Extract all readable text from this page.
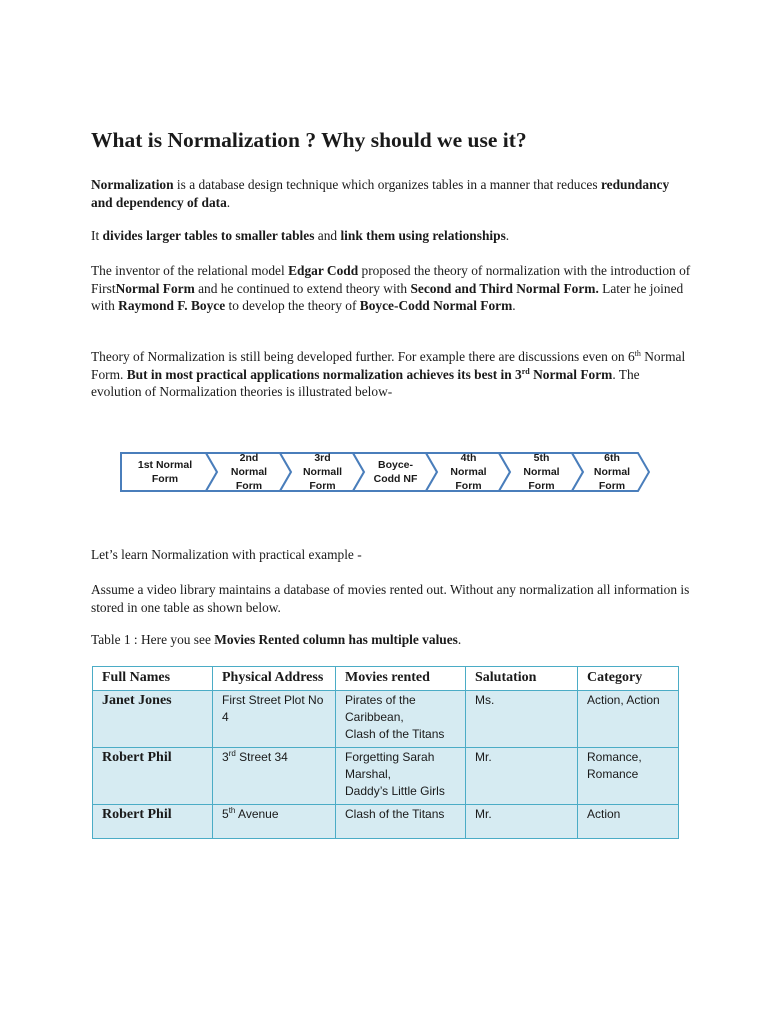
What is Normalization ? Why should we use it?

Normalization is a database design technique which organizes tables in a manner that reduces redundancy and dependency of data.

It divides larger tables to smaller tables and link them using relationships.

The inventor of the relational model Edgar Codd proposed the theory of normalization with the introduction of FirstNormal Form and he continued to extend theory with Second and Third Normal Form. Later he joined with Raymond F. Boyce to develop the theory of Boyce-Codd Normal Form.

Theory of Normalization is still being developed further. For example there are discussions even on 6th Normal Form. But in most practical applications normalization achieves its best in 3rd Normal Form. The evolution of Normalization theories is illustrated below-

1st Normal
Form
2nd
Normal
Form
3rd
Normall
Form
Boyce-
Codd NF
4th
Normal
Form
5th
Normal
Form
6th
Normal
Form

Let’s learn Normalization with practical example -

Assume a video library maintains a database of movies rented out. Without any normalization all information is stored in one table as shown below.

Table 1 : Here you see Movies Rented column has multiple values.

Full Names	Physical Address	Movies rented	Salutation	Category
Janet Jones	First Street Plot No 4	Pirates of the Caribbean,
Clash of the Titans	Ms.	Action, Action
Robert Phil	3rd Street 34	Forgetting Sarah Marshal,
Daddy’s Little Girls	Mr.	Romance, Romance
Robert Phil	5th Avenue	Clash of the Titans	Mr.	Action
